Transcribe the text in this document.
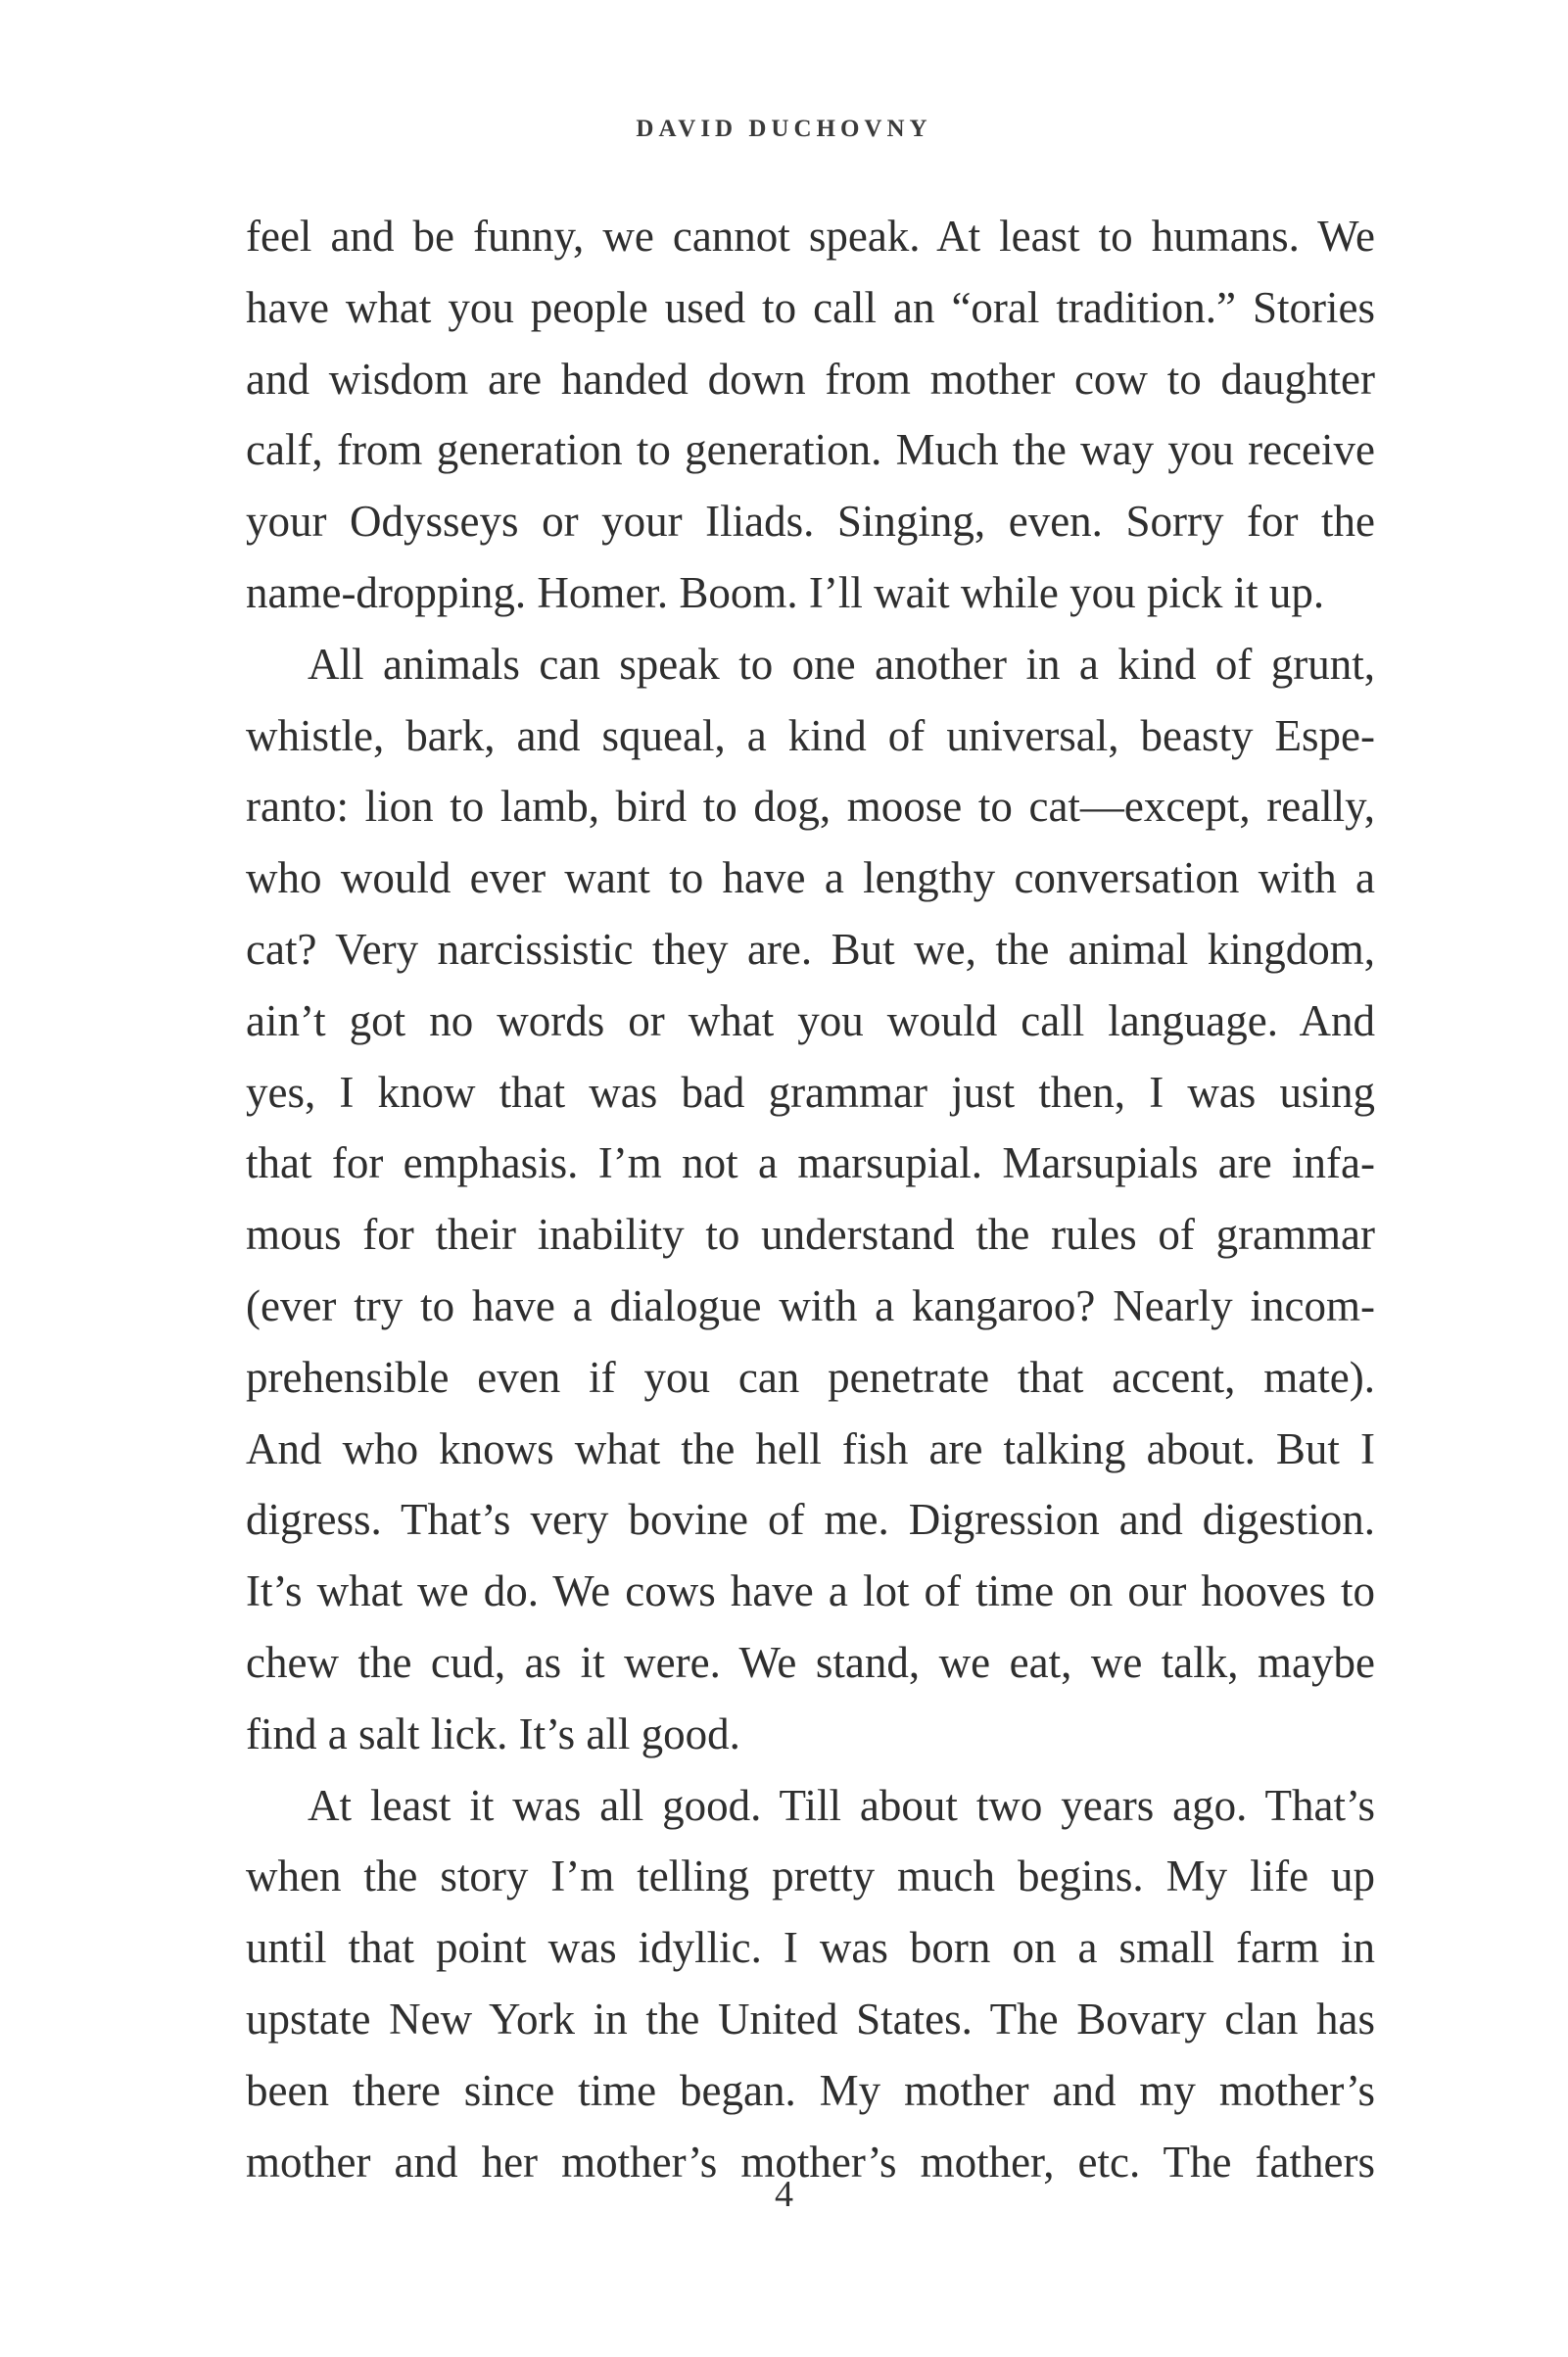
DAVID DUCHOVNY
feel and be funny, we cannot speak. At least to humans. We
have what you people used to call an “oral tradition.” Stories
and wisdom are handed down from mother cow to daughter
calf, from generation to generation. Much the way you receive
your Odysseys or your Iliads. Singing, even. Sorry for the
name-dropping. Homer. Boom. I’ll wait while you pick it up.
All animals can speak to one another in a kind of grunt,
whistle, bark, and squeal, a kind of universal, beasty Espe-
ranto: lion to lamb, bird to dog, moose to cat—except, really,
who would ever want to have a lengthy conversation with a
cat? Very narcissistic they are. But we, the animal kingdom,
ain’t got no words or what you would call language. And
yes, I know that was bad grammar just then, I was using
that for emphasis. I’m not a marsupial. Marsupials are infa-
mous for their inability to understand the rules of grammar
(ever try to have a dialogue with a kangaroo? Nearly incom-
prehensible even if you can penetrate that accent, mate).
And who knows what the hell fish are talking about. But I
digress. That’s very bovine of me. Digression and digestion.
It’s what we do. We cows have a lot of time on our hooves to
chew the cud, as it were. We stand, we eat, we talk, maybe
find a salt lick. It’s all good.
At least it was all good. Till about two years ago. That’s
when the story I’m telling pretty much begins. My life up
until that point was idyllic. I was born on a small farm in
upstate New York in the United States. The Bovary clan has
been there since time began. My mother and my mother’s
mother and her mother’s mother’s mother, etc. The fathers
4
